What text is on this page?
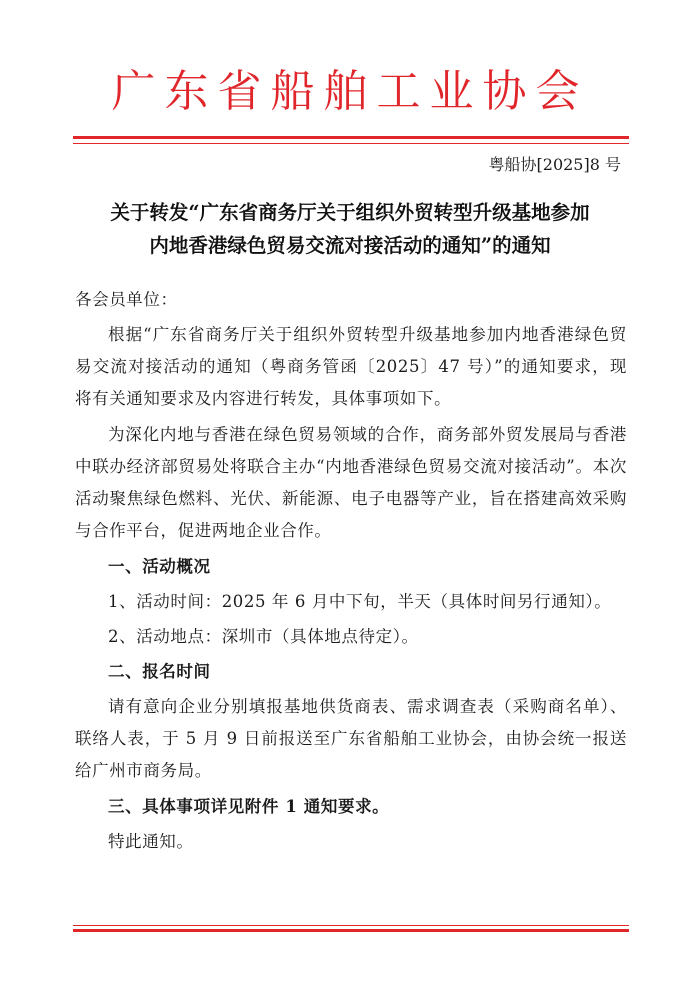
广东省船舶工业协会
粤船协[2025]8 号
关于转发“广东省商务厅关于组织外贸转型升级基地参加
内地香港绿色贸易交流对接活动的通知”的通知

各会员单位：

根据“广东省商务厅关于组织外贸转型升级基地参加内地香港绿色贸易交流对接活动的通知（粤商务管函〔2025〕47 号）”的通知要求，现将有关通知要求及内容进行转发，具体事项如下。

为深化内地与香港在绿色贸易领域的合作，商务部外贸发展局与香港中联办经济部贸易处将联合主办“内地香港绿色贸易交流对接活动”。本次活动聚焦绿色燃料、光伏、新能源、电子电器等产业，旨在搭建高效采购与合作平台，促进两地企业合作。

一、活动概况

1、活动时间：2025 年 6 月中下旬，半天（具体时间另行通知）。

2、活动地点：深圳市（具体地点待定）。

二、报名时间

请有意向企业分别填报基地供货商表、需求调查表（采购商名单）、联络人表，于 5 月 9 日前报送至广东省船舶工业协会，由协会统一报送给广州市商务局。

三、具体事项详见附件 1 通知要求。

特此通知。
